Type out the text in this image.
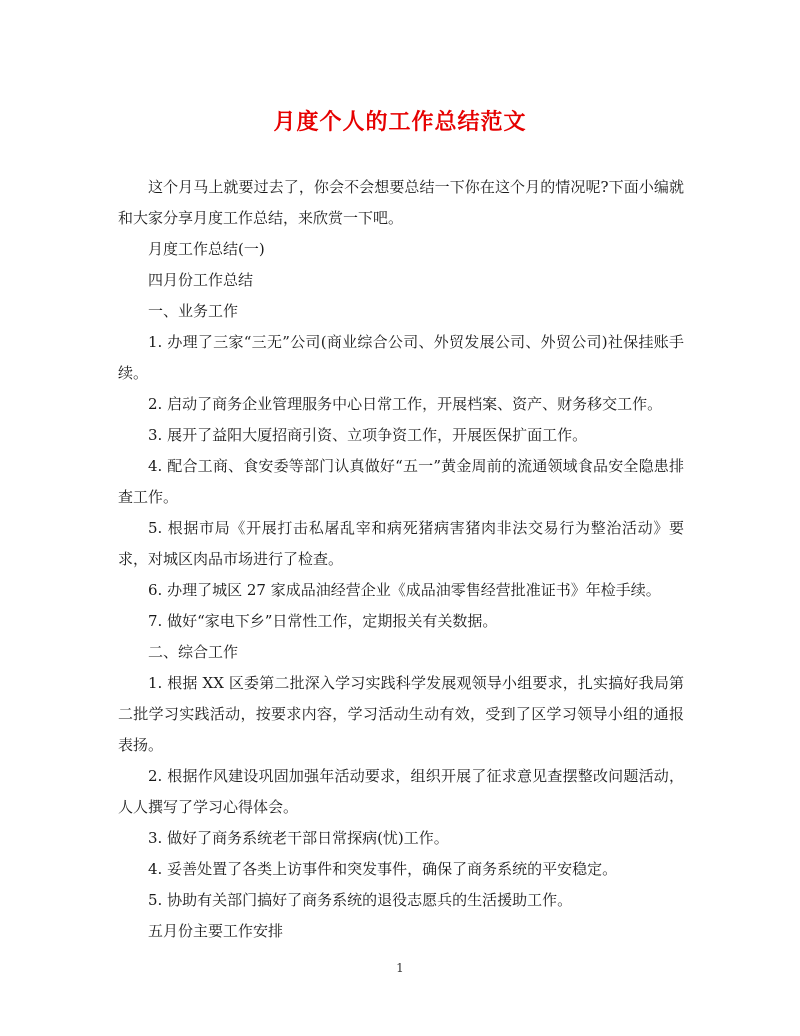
月度个人的工作总结范文

这个月马上就要过去了，你会不会想要总结一下你在这个月的情况呢?下面小编就和大家分享月度工作总结，来欣赏一下吧。

月度工作总结(一)

四月份工作总结

一、业务工作

1. 办理了三家“三无”公司(商业综合公司、外贸发展公司、外贸公司)社保挂账手续。

2. 启动了商务企业管理服务中心日常工作，开展档案、资产、财务移交工作。

3. 展开了益阳大厦招商引资、立项争资工作，开展医保扩面工作。

4. 配合工商、食安委等部门认真做好“五一”黄金周前的流通领域食品安全隐患排查工作。

5. 根据市局《开展打击私屠乱宰和病死猪病害猪肉非法交易行为整治活动》要求，对城区肉品市场进行了检查。

6. 办理了城区 27 家成品油经营企业《成品油零售经营批准证书》年检手续。

7. 做好“家电下乡”日常性工作，定期报关有关数据。

二、综合工作

1. 根据 XX 区委第二批深入学习实践科学发展观领导小组要求，扎实搞好我局第二批学习实践活动，按要求内容，学习活动生动有效，受到了区学习领导小组的通报表扬。

2. 根据作风建设巩固加强年活动要求，组织开展了征求意见查摆整改问题活动，人人撰写了学习心得体会。

3. 做好了商务系统老干部日常探病(忧)工作。

4. 妥善处置了各类上访事件和突发事件，确保了商务系统的平安稳定。

5. 协助有关部门搞好了商务系统的退役志愿兵的生活援助工作。

五月份主要工作安排

1
